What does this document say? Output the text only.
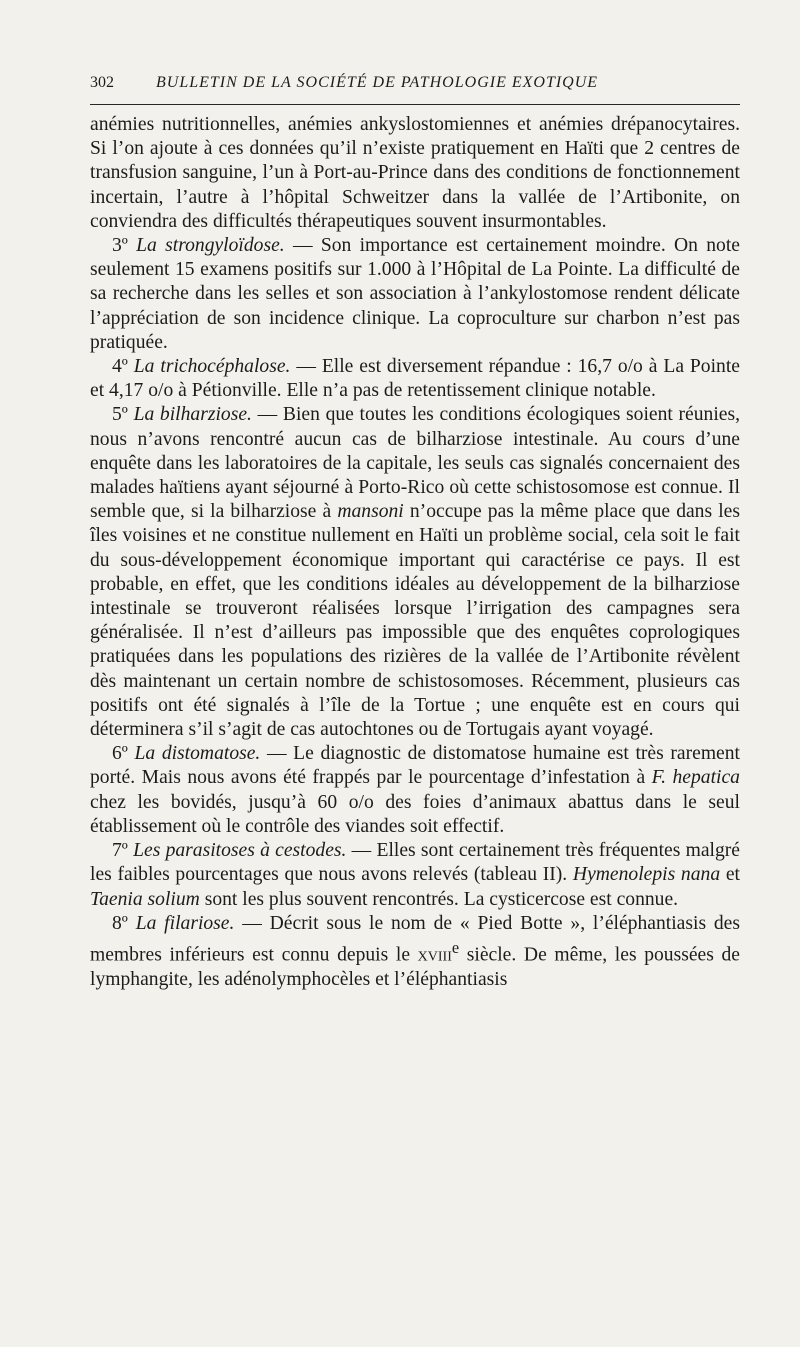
302	BULLETIN DE LA SOCIÉTÉ DE PATHOLOGIE EXOTIQUE

anémies nutritionnelles, anémies ankyslostomiennes et anémies drépanocytaires. Si l’on ajoute à ces données qu’il n’existe pratiquement en Haïti que 2 centres de transfusion sanguine, l’un à Port-au-Prince dans des conditions de fonctionnement incertain, l’autre à l’hôpital Schweitzer dans la vallée de l’Artibonite, on conviendra des difficultés thérapeutiques souvent insurmontables.

3º La strongyloïdose. — Son importance est certainement moindre. On note seulement 15 examens positifs sur 1.000 à l’Hôpital de La Pointe. La difficulté de sa recherche dans les selles et son association à l’ankylostomose rendent délicate l’appréciation de son incidence clinique. La coproculture sur charbon n’est pas pratiquée.

4º La trichocéphalose. — Elle est diversement répandue : 16,7 o/o à La Pointe et 4,17 o/o à Pétionville. Elle n’a pas de retentissement clinique notable.

5º La bilharziose. — Bien que toutes les conditions écologiques soient réunies, nous n’avons rencontré aucun cas de bilharziose intestinale. Au cours d’une enquête dans les laboratoires de la capitale, les seuls cas signalés concernaient des malades haïtiens ayant séjourné à Porto-Rico où cette schistosomose est connue. Il semble que, si la bilharziose à mansoni n’occupe pas la même place que dans les îles voisines et ne constitue nullement en Haïti un problème social, cela soit le fait du sous-développement économique important qui caractérise ce pays. Il est probable, en effet, que les conditions idéales au développement de la bilharziose intestinale se trouveront réalisées lorsque l’irrigation des campagnes sera généralisée. Il n’est d’ailleurs pas impossible que des enquêtes coprologiques pratiquées dans les populations des rizières de la vallée de l’Artibonite révèlent dès maintenant un certain nombre de schistosomoses. Récemment, plusieurs cas positifs ont été signalés à l’île de la Tortue ; une enquête est en cours qui déterminera s’il s’agit de cas autochtones ou de Tortugais ayant voyagé.

6º La distomatose. — Le diagnostic de distomatose humaine est très rarement porté. Mais nous avons été frappés par le pourcentage d’infestation à F. hepatica chez les bovidés, jusqu’à 60 o/o des foies d’animaux abattus dans le seul établissement où le contrôle des viandes soit effectif.

7º Les parasitoses à cestodes. — Elles sont certainement très fréquentes malgré les faibles pourcentages que nous avons relevés (tableau II). Hymenolepis nana et Taenia solium sont les plus souvent rencontrés. La cysticercose est connue.

8º La filariose. — Décrit sous le nom de « Pied Botte », l’éléphantiasis des membres inférieurs est connu depuis le xviii$^e$ siècle. De même, les poussées de lymphangite, les adénolymphocèles et l’éléphantiasis
